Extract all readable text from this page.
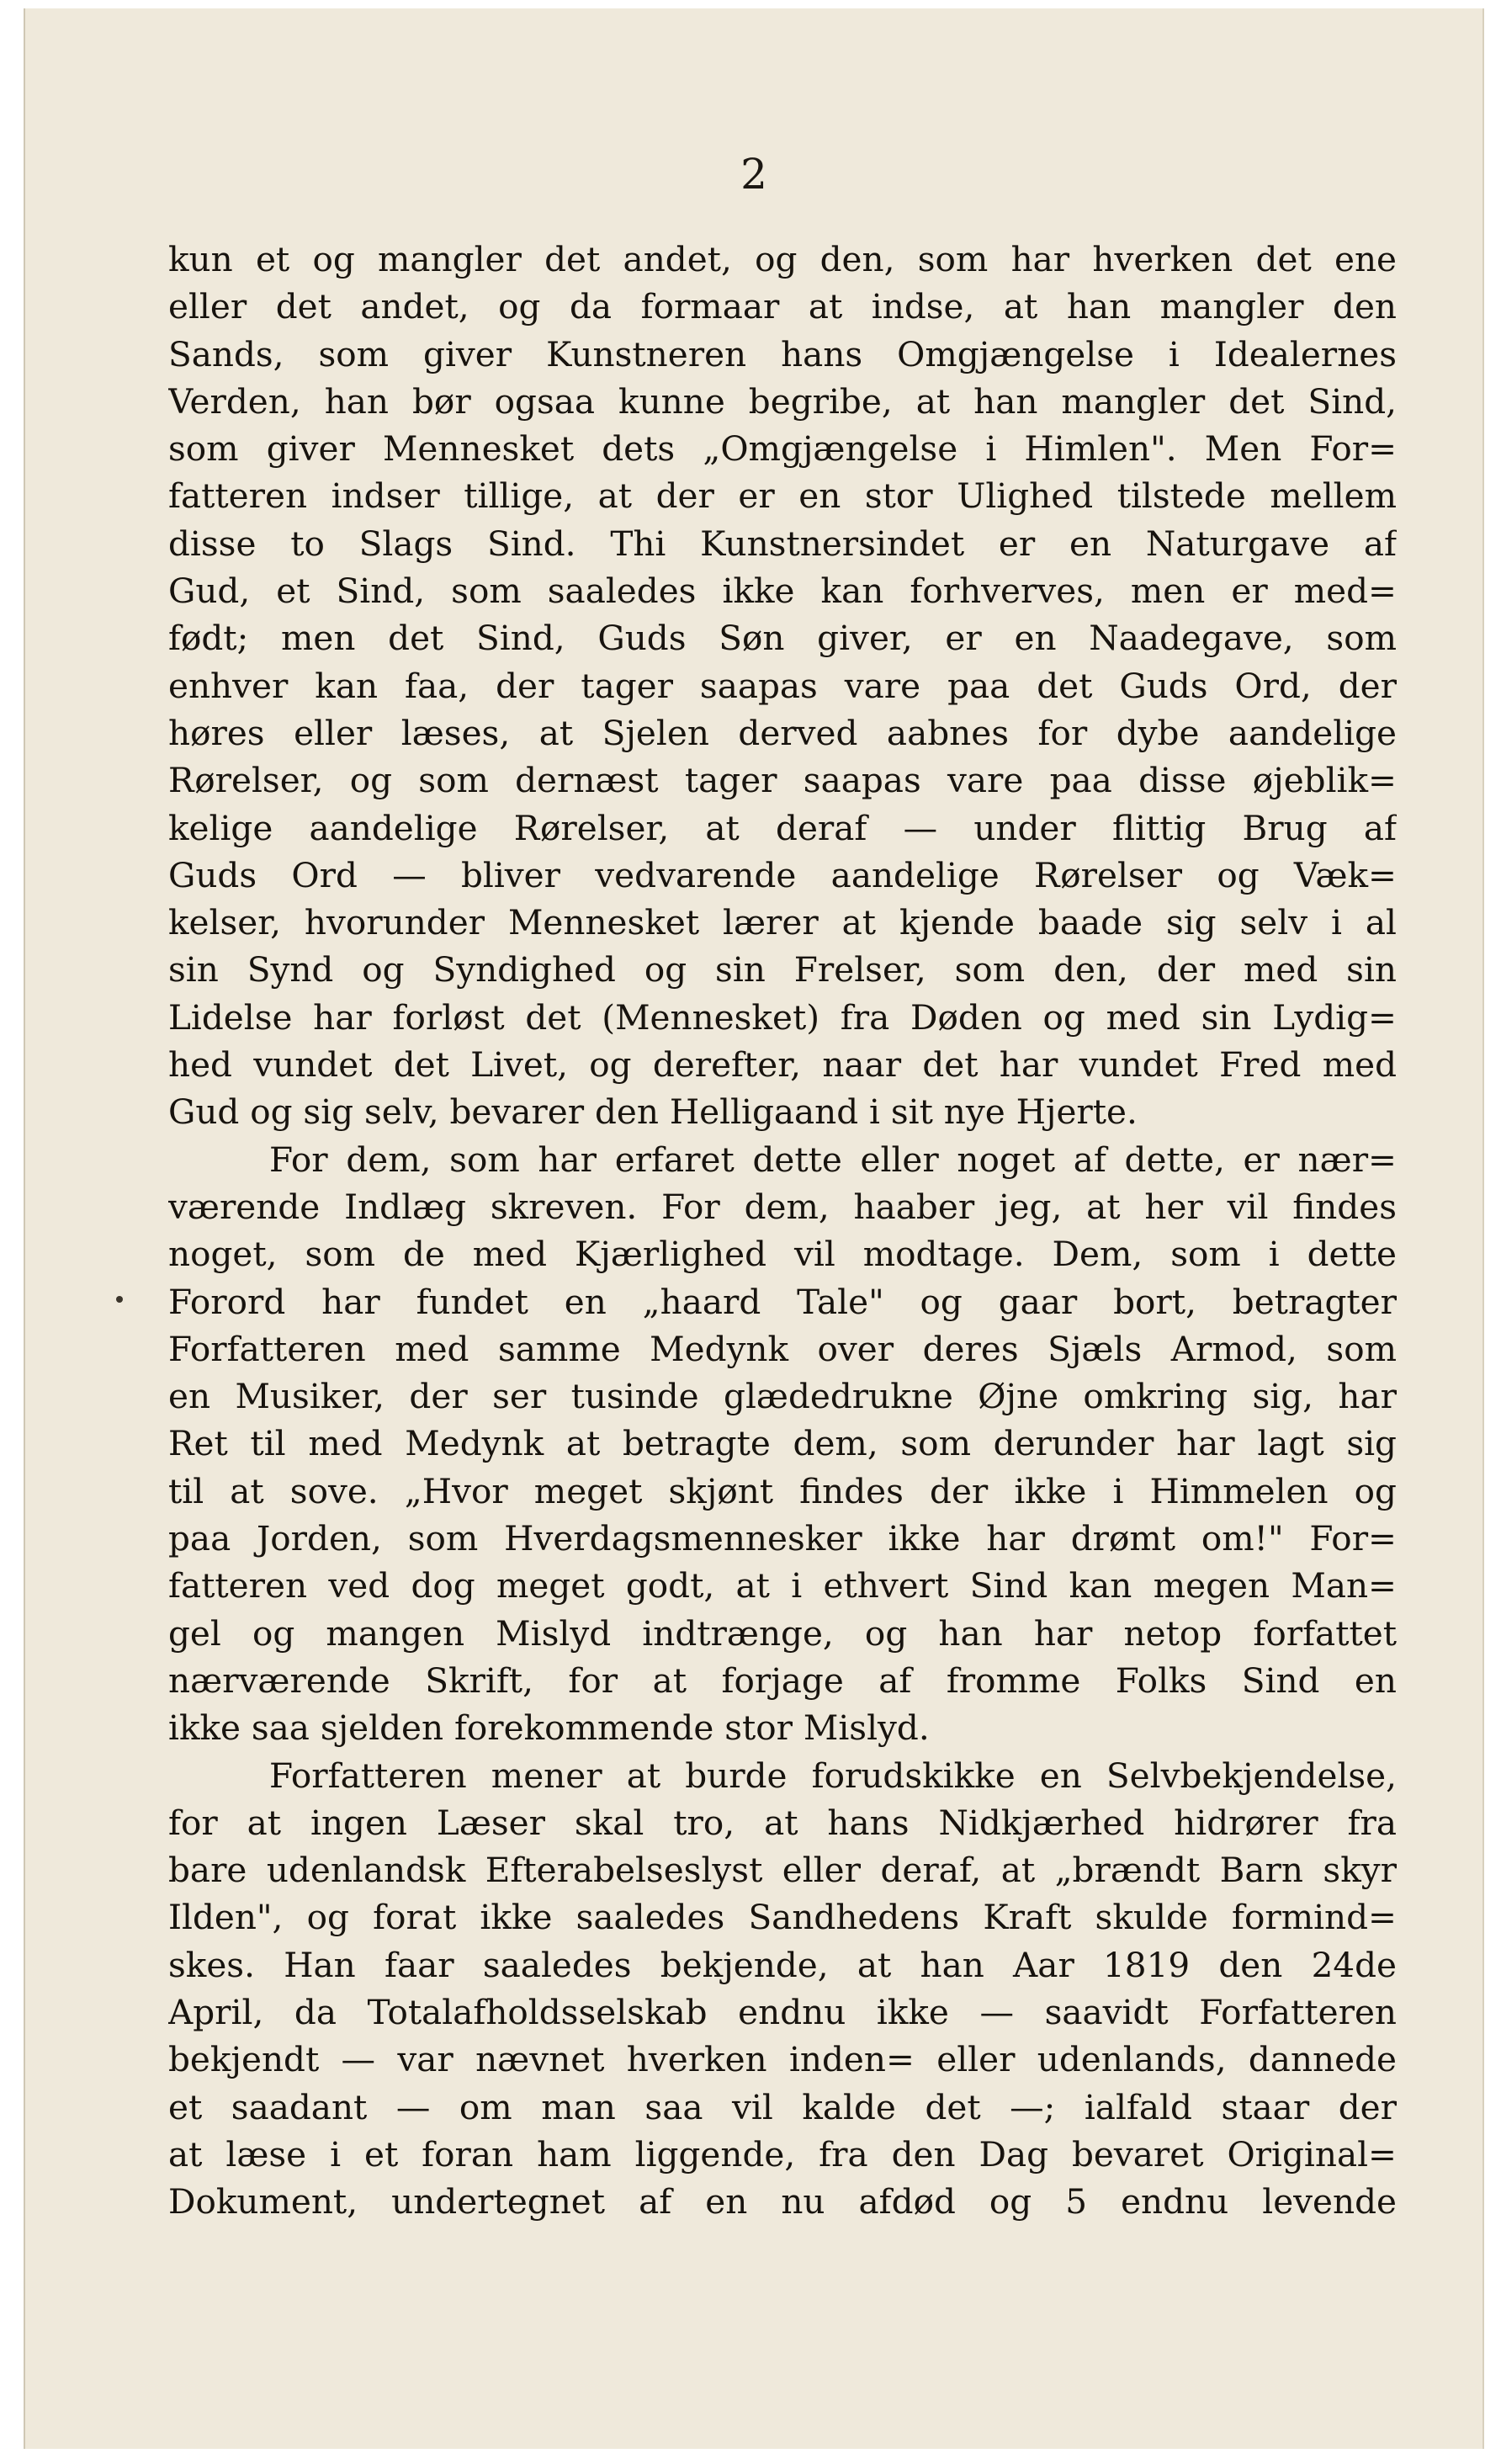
2

kun et og mangler det andet, og den, som har hverken det ene
eller det andet, og da formaar at indse, at han mangler den
Sands, som giver Kunstneren hans Omgjængelse i Idealernes
Verden, han bør ogsaa kunne begribe, at han mangler det Sind,
som giver Mennesket dets „Omgjængelse i Himlen". Men For=
fatteren indser tillige, at der er en stor Ulighed tilstede mellem
disse to Slags Sind. Thi Kunstnersindet er en Naturgave af
Gud, et Sind, som saaledes ikke kan forhverves, men er med=
født; men det Sind, Guds Søn giver, er en Naadegave, som
enhver kan faa, der tager saapas vare paa det Guds Ord, der
høres eller læses, at Sjelen derved aabnes for dybe aandelige
Rørelser, og som dernæst tager saapas vare paa disse øjeblik=
kelige aandelige Rørelser, at deraf — under flittig Brug af
Guds Ord — bliver vedvarende aandelige Rørelser og Væk=
kelser, hvorunder Mennesket lærer at kjende baade sig selv i al
sin Synd og Syndighed og sin Frelser, som den, der med sin
Lidelse har forløst det (Mennesket) fra Døden og med sin Lydig=
hed vundet det Livet, og derefter, naar det har vundet Fred med
Gud og sig selv, bevarer den Helligaand i sit nye Hjerte.

For dem, som har erfaret dette eller noget af dette, er nær=
værende Indlæg skreven. For dem, haaber jeg, at her vil findes
noget, som de med Kjærlighed vil modtage. Dem, som i dette
Forord har fundet en „haard Tale" og gaar bort, betragter
Forfatteren med samme Medynk over deres Sjæls Armod, som
en Musiker, der ser tusinde glædedrukne Øjne omkring sig, har
Ret til med Medynk at betragte dem, som derunder har lagt sig
til at sove. „Hvor meget skjønt findes der ikke i Himmelen og
paa Jorden, som Hverdagsmennesker ikke har drømt om!" For=
fatteren ved dog meget godt, at i ethvert Sind kan megen Man=
gel og mangen Mislyd indtrænge, og han har netop forfattet
nærværende Skrift, for at forjage af fromme Folks Sind en
ikke saa sjelden forekommende stor Mislyd.

Forfatteren mener at burde forudskikke en Selvbekjendelse,
for at ingen Læser skal tro, at hans Nidkjærhed hidrører fra
bare udenlandsk Efterabelseslyst eller deraf, at „brændt Barn skyr
Ilden", og forat ikke saaledes Sandhedens Kraft skulde formind=
skes. Han faar saaledes bekjende, at han Aar 1819 den 24de
April, da Totalafholdsselskab endnu ikke — saavidt Forfatteren
bekjendt — var nævnet hverken inden= eller udenlands, dannede
et saadant — om man saa vil kalde det —; ialfald staar der
at læse i et foran ham liggende, fra den Dag bevaret Original=
Dokument, undertegnet af en nu afdød og 5 endnu levende
